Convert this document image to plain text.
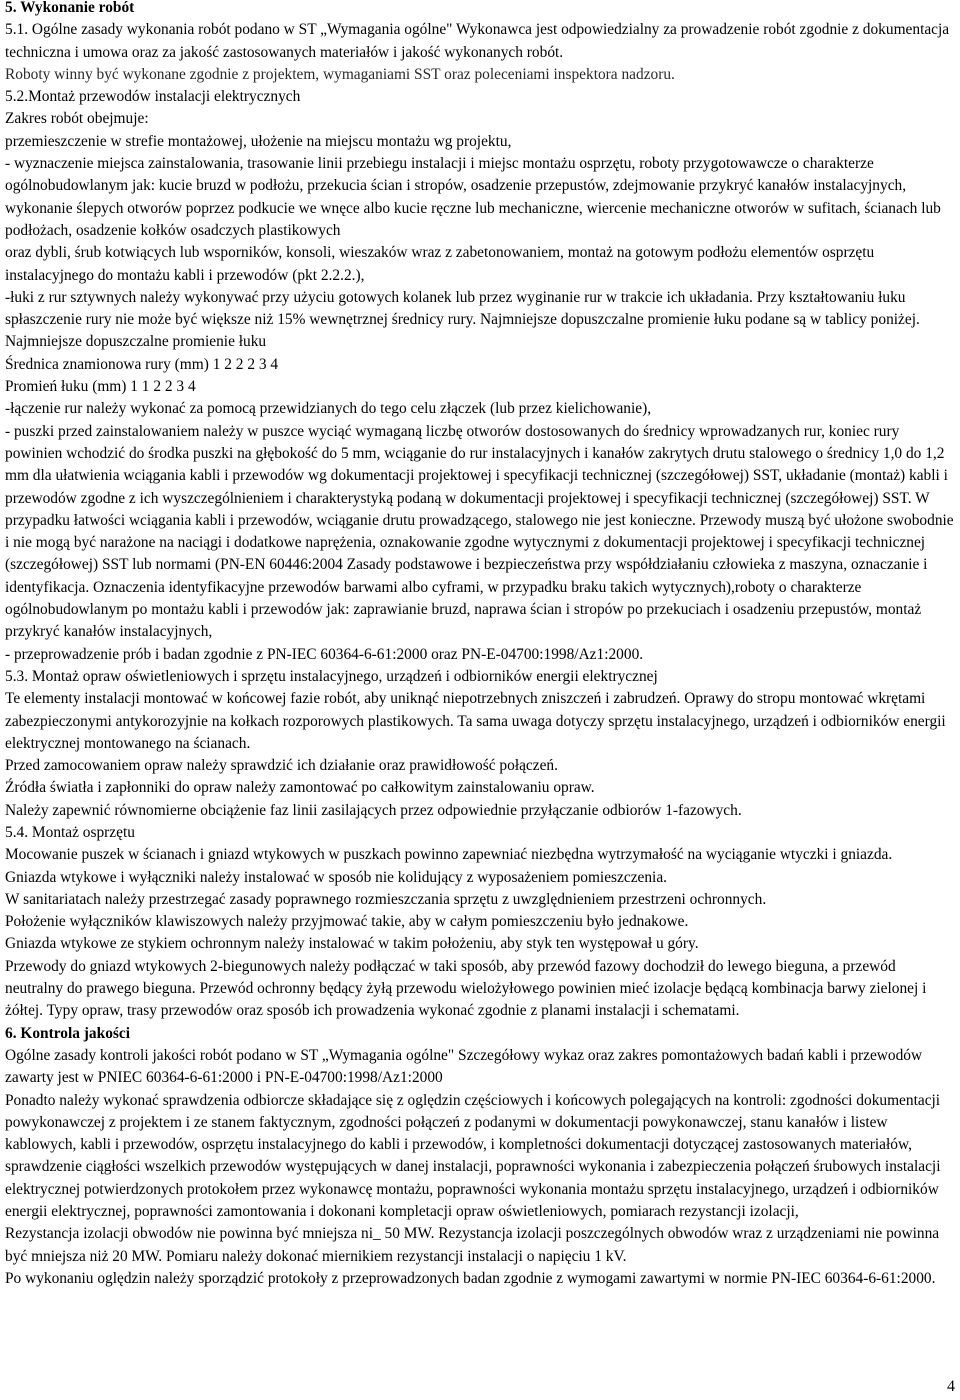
5. Wykonanie robót

5.1. Ogólne zasady wykonania robót podano w ST „Wymagania ogólne" Wykonawca jest odpowiedzialny za prowadzenie robót zgodnie z dokumentacja techniczna i umowa oraz za jakość zastosowanych materiałów i jakość wykonanych robót.

Roboty winny być wykonane zgodnie z projektem, wymaganiami SST oraz poleceniami inspektora nadzoru.

5.2.Montaż przewodów instalacji elektrycznych

Zakres robót obejmuje:

przemieszczenie w strefie montażowej, ułożenie na miejscu montażu wg projektu,

- wyznaczenie miejsca zainstalowania, trasowanie linii przebiegu instalacji i miejsc montażu osprzętu, roboty przygotowawcze o charakterze ogólnobudowlanym jak: kucie bruzd w podłożu, przekucia ścian i stropów, osadzenie przepustów, zdejmowanie przykryć kanałów instalacyjnych, wykonanie ślepych otworów poprzez podkucie we wnęce albo kucie ręczne lub mechaniczne, wiercenie mechaniczne otworów w sufitach, ścianach lub podłożach, osadzenie kołków osadczych plastikowych

oraz dybli, śrub kotwiących lub wsporników, konsoli, wieszaków wraz z zabetonowaniem, montaż na gotowym podłożu elementów osprzętu instalacyjnego do montażu kabli i przewodów (pkt 2.2.2.),

-łuki z rur sztywnych należy wykonywać przy użyciu gotowych kolanek lub przez wyginanie rur w trakcie ich układania. Przy kształtowaniu łuku spłaszczenie rury nie może być większe niż 15% wewnętrznej średnicy rury. Najmniejsze dopuszczalne promienie łuku podane są w tablicy poniżej.

Najmniejsze dopuszczalne promienie łuku

Średnica znamionowa rury (mm) 1 2 2 2 3 4

Promień łuku (mm) 1 1 2 2 3 4

-łączenie rur należy wykonać za pomocą przewidzianych do tego celu złączek (lub przez kielichowanie),

- puszki przed zainstalowaniem należy w puszce wyciąć wymaganą liczbę otworów dostosowanych do średnicy wprowadzanych rur, koniec rury powinien wchodzić do środka puszki na głębokość do 5 mm, wciąganie do rur instalacyjnych i kanałów zakrytych drutu stalowego o średnicy 1,0 do 1,2 mm dla ułatwienia wciągania kabli i przewodów wg dokumentacji projektowej i specyfikacji technicznej (szczegółowej) SST, układanie (montaż) kabli i przewodów zgodne z ich wyszczególnieniem i charakterystyką podaną w dokumentacji projektowej i specyfikacji technicznej (szczegółowej) SST. W przypadku łatwości wciągania kabli i przewodów, wciąganie drutu prowadzącego, stalowego nie jest konieczne. Przewody muszą być ułożone swobodnie i nie mogą być narażone na naciągi i dodatkowe naprężenia, oznakowanie zgodne wytycznymi z dokumentacji projektowej i specyfikacji technicznej (szczegółowej) SST lub normami (PN-EN 60446:2004 Zasady podstawowe i bezpieczeństwa przy współdziałaniu człowieka z maszyna, oznaczanie i identyfikacja. Oznaczenia identyfikacyjne przewodów barwami albo cyframi, w przypadku braku takich wytycznych),roboty o charakterze ogólnobudowlanym po montażu kabli i przewodów jak: zaprawianie bruzd, naprawa ścian i stropów po przekuciach i osadzeniu przepustów, montaż przykryć kanałów instalacyjnych,

- przeprowadzenie prób i badan zgodnie z PN-IEC 60364-6-61:2000 oraz PN-E-04700:1998/Az1:2000.

5.3. Montaż opraw oświetleniowych i sprzętu instalacyjnego, urządzeń i odbiorników energii elektrycznej

Te elementy instalacji montować w końcowej fazie robót, aby uniknąć niepotrzebnych zniszczeń i zabrudzeń. Oprawy do stropu montować wkrętami zabezpieczonymi antykorozyjnie na kołkach rozporowych plastikowych. Ta sama uwaga dotyczy sprzętu instalacyjnego, urządzeń i odbiorników energii elektrycznej montowanego na ścianach.

Przed zamocowaniem opraw należy sprawdzić ich działanie oraz prawidłowość połączeń.

Źródła światła i zapłonniki do opraw należy zamontować po całkowitym zainstalowaniu opraw.

Należy zapewnić równomierne obciążenie faz linii zasilających przez odpowiednie przyłączanie odbiorów 1-fazowych.

5.4. Montaż osprzętu

Mocowanie puszek w ścianach i gniazd wtykowych w puszkach powinno zapewniać niezbędna wytrzymałość na wyciąganie wtyczki i gniazda.

Gniazda wtykowe i wyłączniki należy instalować w sposób nie kolidujący z wyposażeniem pomieszczenia.

W sanitariatach należy przestrzegać zasady poprawnego rozmieszczania sprzętu z uwzględnieniem przestrzeni ochronnych.

Położenie wyłączników klawiszowych należy przyjmować takie, aby w całym pomieszczeniu było jednakowe.

Gniazda wtykowe ze stykiem ochronnym należy instalować w takim położeniu, aby styk ten występował u góry.

Przewody do gniazd wtykowych 2-biegunowych należy podłączać w taki sposób, aby przewód fazowy dochodził do lewego bieguna, a przewód neutralny do prawego bieguna. Przewód ochronny będący żyłą przewodu wielożyłowego powinien mieć izolacje będącą kombinacja barwy zielonej i żółtej. Typy opraw, trasy przewodów oraz sposób ich prowadzenia wykonać zgodnie z planami instalacji i schematami.

6. Kontrola jakości

Ogólne zasady kontroli jakości robót podano w ST „Wymagania ogólne" Szczegółowy wykaz oraz zakres pomontażowych badań kabli i przewodów zawarty jest w PNIEC 60364-6-61:2000 i PN-E-04700:1998/Az1:2000

Ponadto należy wykonać sprawdzenia odbiorcze składające się z oględzin częściowych i końcowych polegających na kontroli: zgodności dokumentacji powykonawczej z projektem i ze stanem faktycznym, zgodności połączeń z podanymi w dokumentacji powykonawczej, stanu kanałów i listew kablowych, kabli i przewodów, osprzętu instalacyjnego do kabli i przewodów, i kompletności dokumentacji dotyczącej zastosowanych materiałów, sprawdzenie ciągłości wszelkich przewodów występujących w danej instalacji, poprawności wykonania i zabezpieczenia połączeń śrubowych instalacji elektrycznej potwierdzonych protokołem przez wykonawcę montażu, poprawności wykonania montażu sprzętu instalacyjnego, urządzeń i odbiorników energii elektrycznej, poprawności zamontowania i dokonani kompletacji opraw oświetleniowych, pomiarach rezystancji izolacji,

Rezystancja izolacji obwodów nie powinna być mniejsza ni_ 50 MW. Rezystancja izolacji poszczególnych obwodów wraz z urządzeniami nie powinna być mniejsza niż 20 MW. Pomiaru należy dokonać miernikiem rezystancji instalacji o napięciu 1 kV.

Po wykonaniu oględzin należy sporządzić protokoły z przeprowadzonych badan zgodnie z wymogami zawartymi w normie PN-IEC 60364-6-61:2000.

4
